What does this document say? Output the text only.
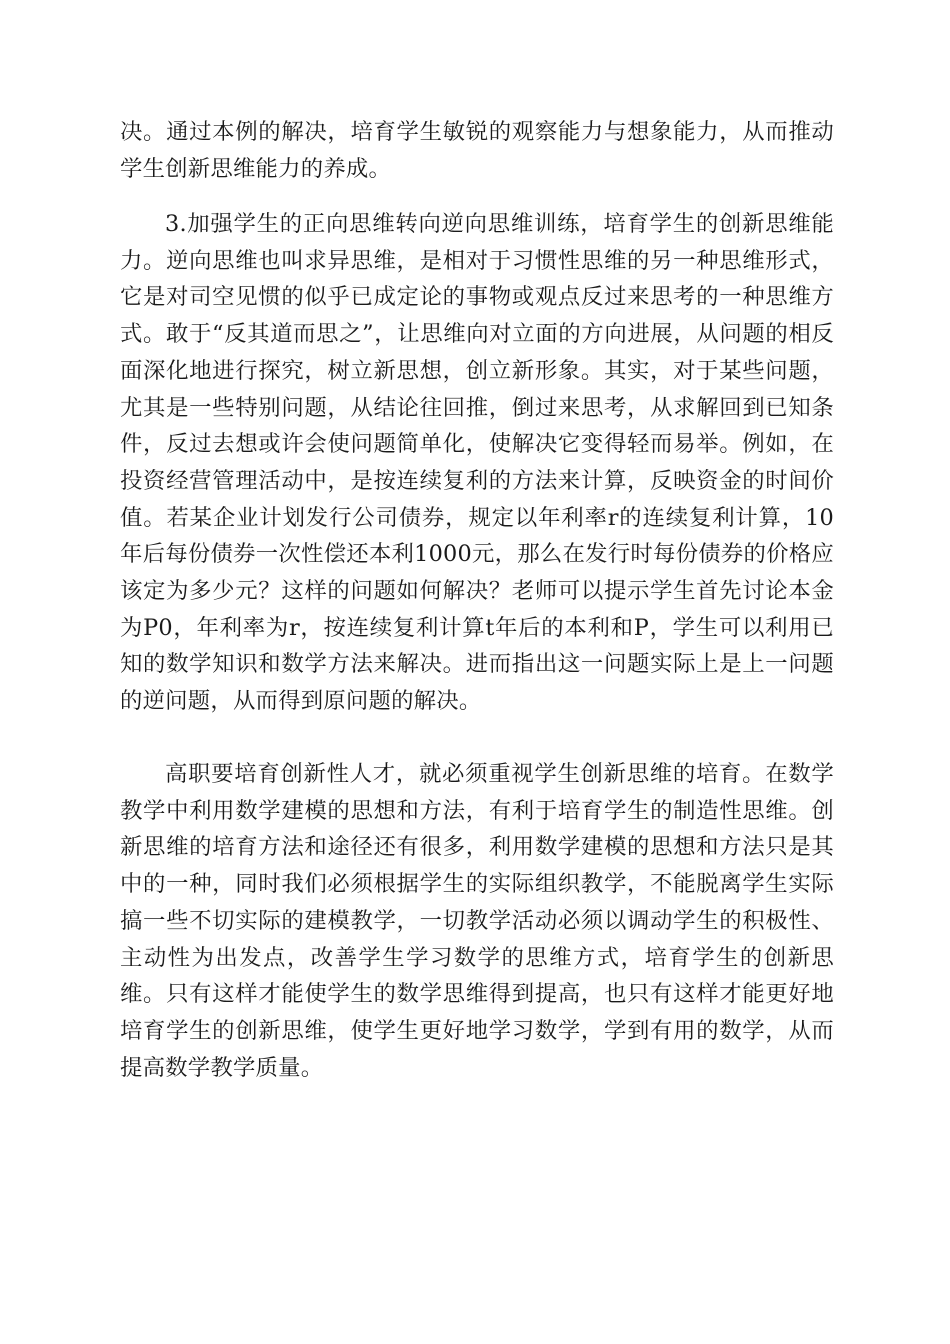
决。通过本例的解决，培育学生敏锐的观察能力与想象能力，从而推动学生创新思维能力的养成。

3.加强学生的正向思维转向逆向思维训练，培育学生的创新思维能力。逆向思维也叫求异思维，是相对于习惯性思维的另一种思维形式，它是对司空见惯的似乎已成定论的事物或观点反过来思考的一种思维方式。敢于“反其道而思之”，让思维向对立面的方向进展，从问题的相反面深化地进行探究，树立新思想，创立新形象。其实，对于某些问题，尤其是一些特别问题，从结论往回推，倒过来思考，从求解回到已知条件，反过去想或许会使问题简单化，使解决它变得轻而易举。例如，在投资经营管理活动中，是按连续复利的方法来计算，反映资金的时间价值。若某企业计划发行公司债券，规定以年利率r的连续复利计算，10年后每份债券一次性偿还本利1000元，那么在发行时每份债券的价格应该定为多少元？这样的问题如何解决？老师可以提示学生首先讨论本金为P0，年利率为r，按连续复利计算t年后的本利和P，学生可以利用已知的数学知识和数学方法来解决。进而指出这一问题实际上是上一问题的逆问题，从而得到原问题的解决。

高职要培育创新性人才，就必须重视学生创新思维的培育。在数学教学中利用数学建模的思想和方法，有利于培育学生的制造性思维。创新思维的培育方法和途径还有很多，利用数学建模的思想和方法只是其中的一种，同时我们必须根据学生的实际组织教学，不能脱离学生实际搞一些不切实际的建模教学，一切教学活动必须以调动学生的积极性、主动性为出发点，改善学生学习数学的思维方式，培育学生的创新思维。只有这样才能使学生的数学思维得到提高，也只有这样才能更好地培育学生的创新思维，使学生更好地学习数学，学到有用的数学，从而提高数学教学质量。
